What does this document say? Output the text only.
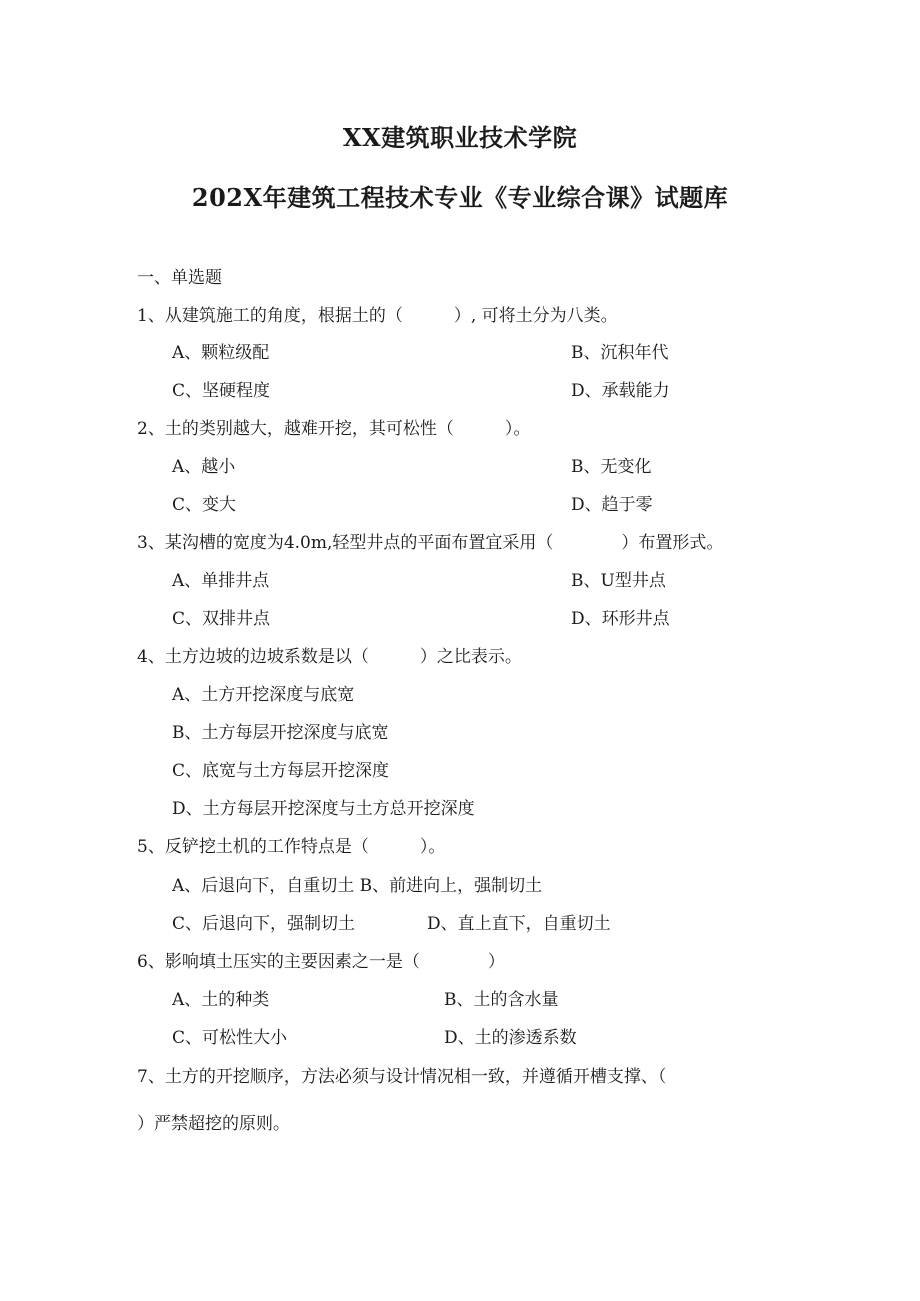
XX建筑职业技术学院
202X年建筑工程技术专业《专业综合课》试题库
一、单选题
1、从建筑施工的角度，根据土的（　　　）, 可将土分为八类。
A、颗粒级配	B、沉积年代
C、坚硬程度	D、承载能力
2、土的类别越大，越难开挖，其可松性（　　　）。
A、越小	B、无变化
C、变大	D、趋于零
3、某沟槽的宽度为4.0m,轻型井点的平面布置宜采用（　　　　）布置形式。
A、单排井点	B、U型井点
C、双排井点	D、环形井点
4、土方边坡的边坡系数是以（　　　）之比表示。
A、土方开挖深度与底宽
B、土方每层开挖深度与底宽
C、底宽与土方每层开挖深度
D、土方每层开挖深度与土方总开挖深度
5、反铲挖土机的工作特点是（　　　）。
A、后退向下，自重切土 B、前进向上，强制切土
C、后退向下，强制切土	D、直上直下，自重切土
6、影响填土压实的主要因素之一是（　　　　）
A、土的种类	B、土的含水量
C、可松性大小	D、土的渗透系数
7、土方的开挖顺序，方法必须与设计情况相一致，并遵循开槽支撑、（
）严禁超挖的原则。
